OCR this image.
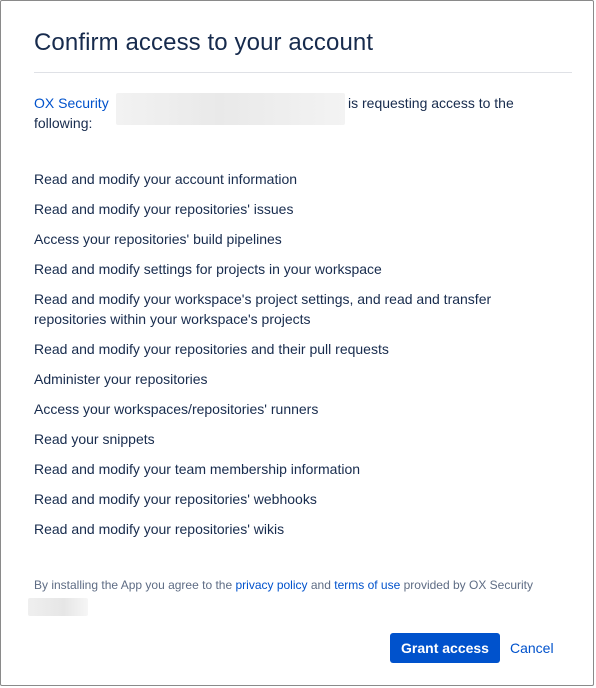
Confirm access to your account
OX Security	is requesting access to the
following:
Read and modify your account information
Read and modify your repositories' issues
Access your repositories' build pipelines
Read and modify settings for projects in your workspace
Read and modify your workspace's project settings, and read and transfer repositories within your workspace's projects
Read and modify your repositories and their pull requests
Administer your repositories
Access your workspaces/repositories' runners
Read your snippets
Read and modify your team membership information
Read and modify your repositories' webhooks
Read and modify your repositories' wikis
By installing the App you agree to the privacy policy and terms of use provided by OX Security
Grant access	Cancel
